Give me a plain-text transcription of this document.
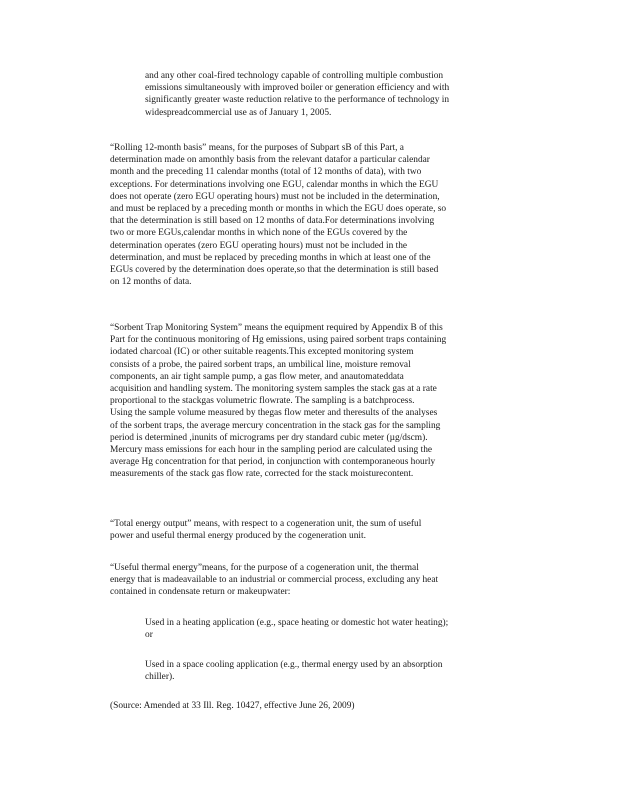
and any other coal-fired technology capable of controlling multiple combustion
emissions simultaneously with improved boiler or generation efficiency and with
significantly greater waste reduction relative to the performance of technology in
widespreadcommercial use as of January 1, 2005.
“Rolling 12-month basis” means, for the purposes of Subpart sB of this Part, a
determination made on amonthly basis from the relevant datafor a particular calendar
month and the preceding 11 calendar months (total of 12 months of data), with two
exceptions. For determinations involving one EGU, calendar months in which the EGU
does not operate (zero EGU operating hours) must not be included in the determination,
and must be replaced by a preceding month or months in which the EGU does operate, so
that the determination is still based on 12 months of data.For determinations involving
two or more EGUs,calendar months in which none of the EGUs covered by the
determination operates (zero EGU operating hours) must not be included in the
determination, and must be replaced by preceding months in which at least one of the
EGUs covered by the determination does operate,so that the determination is still based
on 12 months of data.
“Sorbent Trap Monitoring System” means the equipment required by Appendix B of this
Part for the continuous monitoring of Hg emissions, using paired sorbent traps containing
iodated charcoal (IC) or other suitable reagents.This excepted monitoring system
consists of a probe, the paired sorbent traps, an umbilical line, moisture removal
components, an air tight sample pump, a gas flow meter, and anautomateddata
acquisition and handling system. The monitoring system samples the stack gas at a rate
proportional to the stackgas volumetric flowrate. The sampling is a batchprocess.
Using the sample volume measured by thegas flow meter and theresults of the analyses
of the sorbent traps, the average mercury concentration in the stack gas for the sampling
period is determined ,inunits of micrograms per dry standard cubic meter (µg/dscm).
Mercury mass emissions for each hour in the sampling period are calculated using the
average Hg concentration for that period, in conjunction with contemporaneous hourly
measurements of the stack gas flow rate, corrected for the stack moisturecontent.
“Total energy output” means, with respect to a cogeneration unit, the sum of useful
power and useful thermal energy produced by the cogeneration unit.
“Useful thermal energy”means, for the purpose of a cogeneration unit, the thermal
energy that is madeavailable to an industrial or commercial process, excluding any heat
contained in condensate return or makeupwater:
Used in a heating application (e.g., space heating or domestic hot water heating);
or
Used in a space cooling application (e.g., thermal energy used by an absorption
chiller).
(Source: Amended at 33 Ill. Reg. 10427, effective June 26, 2009)
